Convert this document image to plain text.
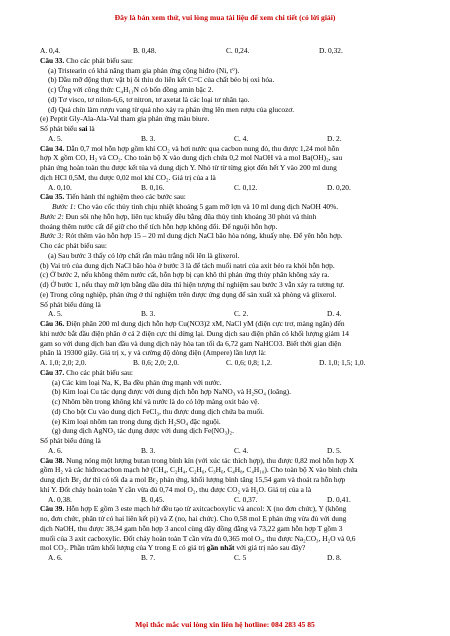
Đây là bản xem thử, vui lòng mua tài liệu để xem chi tiết (có lời giải)
A. 0,4.	B. 0,48.	C. 0,24.	D. 0,32.
Câu 33. Cho các phát biểu sau:
(a) Tristearin có khả năng tham gia phản ứng cộng hiđro (Ni, t°).
(b) Dầu mỡ động thực vật bị ôi thiu do liên kết C=C của chất béo bị oxi hóa.
(c) Ứng với công thức C₄H₁₁N có bốn đồng amin bậc 2.
(d) Tơ visco, tơ nilon-6,6, tơ nitron, tơ axetat là các loại tơ nhân tạo.
(đ) Quả chín làm rượu vang từ quả nho xảy ra phản ứng lên men rượu của glucozơ.
(e) Peptit Gly-Ala-Ala-Val tham gia phản ứng màu biure.
Số phát biểu sai là
A. 5.	B. 3.	C. 4.	D. 2.
Câu 34. Dẫn 0,7 mol hỗn hợp gồm khí CO₂ và hơi nước qua cacbon nung đỏ, thu được 1,24 mol hỗn
hợp X gồm CO, H₂ và CO₂. Cho toàn bộ X vào dung dịch chứa 0,2 mol NaOH và a mol Ba(OH)₂, sau
phản ứng hoàn toàn thu được kết tủa và dung dịch Y. Nhỏ từ từ từng giọt đến hết Y vào 200 ml dung
dịch HCl 0,5M, thu được 0,02 mol khí CO₂. Giá trị của a là
A. 0,10.	B. 0,16.	C. 0,12.	D. 0,20.
Câu 35. Tiến hành thí nghiệm theo các bước sau:
Bước 1: Cho vào cốc thủy tinh chịu nhiệt khoảng 5 gam mỡ lợn và 10 ml dung dịch NaOH 40%.
Bước 2: Đun sôi nhẹ hỗn hợp, liên tục khuấy đều bằng đũa thủy tinh khoảng 30 phút và thỉnh
thoảng thêm nước cất để giữ cho thể tích hỗn hợp không đổi. Để nguội hỗn hợp.
Bước 3: Rót thêm vào hỗn hợp 15 – 20 ml dung dịch NaCl bão hòa nóng, khuấy nhẹ. Để yên hỗn hợp.
Cho các phát biểu sau:
(a) Sau bước 3 thấy có lớp chất rắn màu trắng nổi lên là glixerol.
(b) Vai trò của dung dịch NaCl bão hòa ở bước 3 là để tách muối natri của axit béo ra khỏi hỗn hợp.
(c) Ở bước 2, nếu không thêm nước cất, hỗn hợp bị cạn khô thì phản ứng thủy phân không xảy ra.
(d) Ở bước 1, nếu thay mỡ lợn bằng dầu dừa thì hiện tượng thí nghiệm sau bước 3 vẫn xảy ra tương tự.
(e) Trong công nghiệp, phản ứng ở thí nghiệm trên được ứng dụng để sản xuất xà phòng và glixerol.
Số phát biểu đúng là
A. 5.	B. 3.	C. 2.	D. 4.
Câu 36. Điện phân 200 ml dung dịch hỗn hợp Cu(NO3)2 xM, NaCl yM (điện cực trơ, màng ngăn) đến
khi nước bắt đầu điện phân ở cả 2 điện cực thì dừng lại. Dung dịch sau điện phân có khối lượng giảm 14
gam so với dung dịch ban đầu và dung dịch này hòa tan tối đa 6,72 gam NaHCO3. Biết thời gian điện
phân là 19300 giây. Giá trị x, y và cường độ dòng điện (Ampere) lần lượt là:
A. 1,0; 2,0; 2,0.	B. 0,6; 2,0; 2,0.	C. 0,6; 0,8; 1,2.	D. 1,0; 1,5; 1,0.
Câu 37. Cho các phát biểu sau:
(a) Các kim loại Na, K, Ba đều phản ứng mạnh với nước.
(b) Kim loại Cu tác dụng được với dung dịch hỗn hợp NaNO₃ và H₂SO₄ (loãng).
(c) Nhôm bền trong không khí và nước là do có lớp màng oxit bảo vệ.
(d) Cho bột Cu vào dung dịch FeCl₃, thu được dung dịch chứa ba muối.
(e) Kim loại nhôm tan trong dung dịch H₂SO₄ đặc nguội.
(g) dung dịch AgNO₃ tác dụng được với dung dịch Fe(NO₃)₂.
Số phát biểu đúng là
A. 6.	B. 3.	C. 4.	D. 5.
Câu 38. Nung nóng một lượng butan trong bình kín (với xúc tác thích hợp), thu được 0,82 mol hỗn hợp X
gồm H₂ và các hiđrocacbon mạch hở (CH₄, C₂H₄, C₂H₆, C₃H₆, C₄H₈, C₄H₁₀). Cho toàn bộ X vào bình chứa
dung dịch Br₂ dư thì có tối đa a mol Br₂ phản ứng, khối lượng bình tăng 15,54 gam và thoát ra hỗn hợp
khí Y. Đốt cháy hoàn toàn Y cần vừa đủ 0,74 mol O₂, thu được CO₂ và H₂O. Giá trị của a là
A. 0,38.	B. 0,45.	C. 0,37.	D. 0,41.
Câu 39. Hỗn hợp E gồm 3 este mạch hở đều tạo từ axitcacboxylic và ancol: X (no đơn chức), Y (không
no, đơn chức, phân tử có hai liên kết pi) và Z (no, hai chức). Cho 0,58 mol E phản ứng vừa đủ với dung
dịch NaOH, thu được 38,34 gam hỗn hợp 3 ancol cùng dãy đồng đẳng và 73,22 gam hỗn hợp T gồm 3
muối của 3 axit cacboxylic. Đốt cháy hoàn toàn T cần vừa đủ 0,365 mol O₂, thu được Na₂CO₃, H₂O và 0,6
mol CO₂. Phần trăm khối lượng của Y trong E có giá trị gần nhất với giá trị nào sau đây?
A. 6.	B. 7.	C. 5	D. 8.
Mọi thắc mắc vui lòng xin liên hệ hotline: 084 283 45 85
